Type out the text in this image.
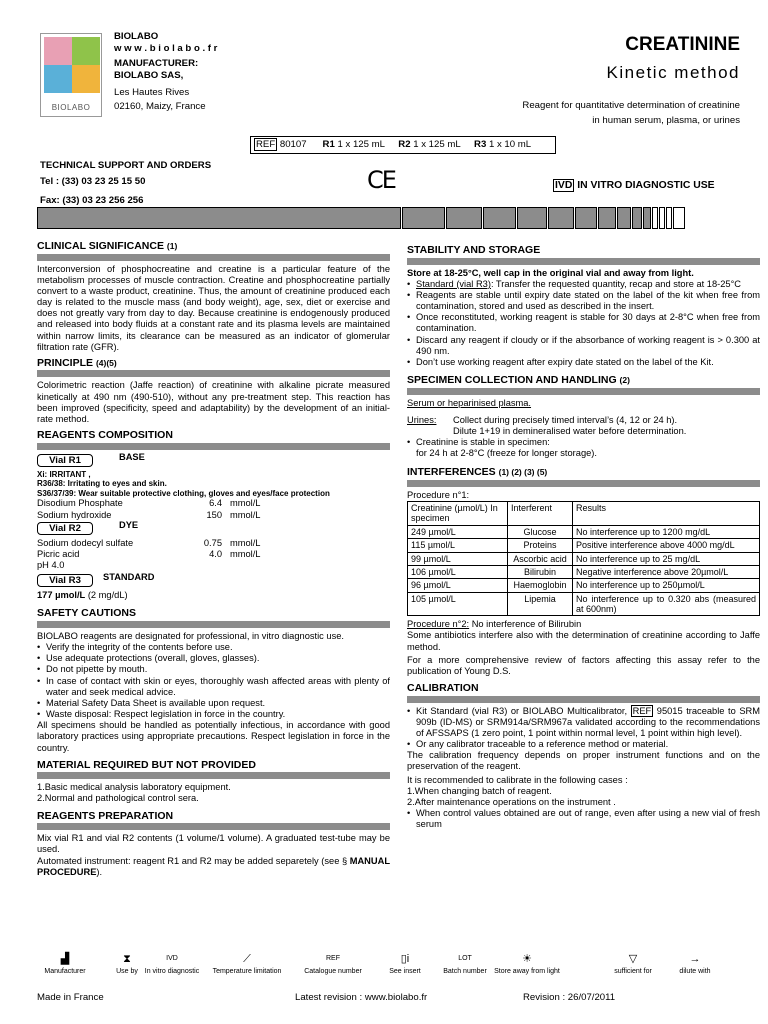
BIOLABO
BIOLABO
w w w . b i o l a b o . f r
MANUFACTURER:
BIOLABO SAS,
Les Hautes Rives
02160, Maizy, France
CREATININE
Kinetic method
Reagent for quantitative determination of creatinine
in human serum, plasma, or urines
REF 80107 R1 1 x 125 mL R2 1 x 125 mL R3 1 x 10 mL
TECHNICAL SUPPORT AND ORDERS
Tel : (33) 03 23 25 15 50
Fax: (33) 03 23 256 256
CE	IVD IN VITRO DIAGNOSTIC USE
CLINICAL SIGNIFICANCE (1)

Interconversion of phosphocreatine and creatine is a particular feature of the metabolism processes of muscle contraction. Creatine and phosphocreatine partially convert to a waste product, creatinine. Thus, the amount of creatinine produced each day is related to the muscle mass (and body weight), age, sex, diet or exercise and does not greatly vary from day to day. Because creatinine is endogenously produced and released into body fluids at a constant rate and its plasma levels are maintained within narrow limits, its clearance can be measured as an indicator of glomerular filtration rate (GFR).

PRINCIPLE (4)(5)

Colorimetric reaction (Jaffe reaction) of creatinine with alkaline picrate measured kinetically at 490 nm (490-510), without any pre-treatment step. This reaction has been improved (specificity, speed and adaptability) by the development of an initial-rate method.

REAGENTS COMPOSITION
Vial R1	BASE
Xi: IRRITANT ,
R36/38: Irritating to eyes and skin.
S36/37/39: Wear suitable protective clothing, gloves and eyes/face protection
Disodium Phosphate	6.4 mmol/L
Sodium hydroxide	150 mmol/L
Vial R2	DYE
Sodium dodecyl sulfate	0.75 mmol/L
Picric acid	4.0 mmol/L
pH 4.0
Vial R3	STANDARD
177 µmol/L (2 mg/dL)
SAFETY CAUTIONS

BIOLABO reagents are designated for professional, in vitro diagnostic use.

• Verify the integrity of the contents before use.
• Use adequate protections (overall, gloves, glasses).
• Do not pipette by mouth.
• In case of contact with skin or eyes, thoroughly wash affected areas with plenty of water and seek medical advice.
• Material Safety Data Sheet is available upon request.
• Waste disposal: Respect legislation in force in the country.

All specimens should be handled as potentially infectious, in accordance with good laboratory practices using appropriate precautions. Respect legislation in force in the country.

MATERIAL REQUIRED BUT NOT PROVIDED
1.Basic medical analysis laboratory equipment.
2.Normal and pathological control sera.
REAGENTS PREPARATION

Mix vial R1 and vial R2 contents (1 volume/1 volume). A graduated test-tube may be used.

Automated instrument: reagent R1 and R2 may be added separetely (see § MANUAL PROCEDURE).

STABILITY AND STORAGE
Store at 18-25°C, well cap in the original vial and away from light.
• Standard (vial R3): Transfer the requested quantity, recap and store at 18-25°C
• Reagents are stable until expiry date stated on the label of the kit when free from contamination, stored and used as described in the insert.
• Once reconstituted, working reagent is stable for 30 days at 2-8°C when free from contamination.
• Discard any reagent if cloudy or if the absorbance of working reagent is > 0.300 at 490 nm.
• Don’t use working reagent after expiry date stated on the label of the Kit.
SPECIMEN COLLECTION AND HANDLING (2)
Serum or heparinised plasma.
Urines:	Collect during precisely timed interval’s (4, 12 or 24 h).
Dilute 1+19 in demineralised water before determination.
• Creatinine is stable in specimen:
for 24 h at 2-8°C (freeze for longer storage).
INTERFERENCES (1) (2) (3) (5)
Procedure n°1:
Creatinine (µmol/L) In specimen	Interferent	Results
249 µmol/L	Glucose	No interference up to 1200 mg/dL
115 µmol/L	Proteins	Positive interference above 4000 mg/dL
99 µmol/L	Ascorbic acid	No interference up to 25 mg/dL
106 µmol/L	Bilirubin	Negative interference above 20µmol/L
96 µmol/L	Haemoglobin	No interference up to 250µmol/L
105 µmol/L	Lipemia	No interference up to 0.320 abs (measured at 600nm)
Procedure n°2: No interference of Bilirubin

Some antibiotics interfere also with the determination of creatinine according to Jaffe method.

For a more comprehensive review of factors affecting this assay refer to the publication of Young D.S.

CALIBRATION
• Kit Standard (vial R3) or BIOLABO Multicalibrator, REF 95015 traceable to SRM 909b (ID-MS) or SRM914a/SRM967a validated according to the recommendations of AFSSAPS (1 zero point, 1 point within normal level, 1 point within high level).
• Or any calibrator traceable to a reference method or material.

The calibration frequency depends on proper instrument functions and on the preservation of the reagent.

It is recommended to calibrate in the following cases :

1.When changing batch of reagent.
2.After maintenance operations on the instrument .
• When control values obtained are out of range, even after using a new vial of fresh serum
▟
Manufacturer
⧗
Use by
IVD
In vitro diagnostic
⟋
Temperature limitation
REF
Catalogue number
▯i
See insert
LOT
Batch number
☀
Store away from light
▽
sufficient for
→
dilute with
Made in France	Latest revision : www.biolabo.fr	Revision : 26/07/2011
